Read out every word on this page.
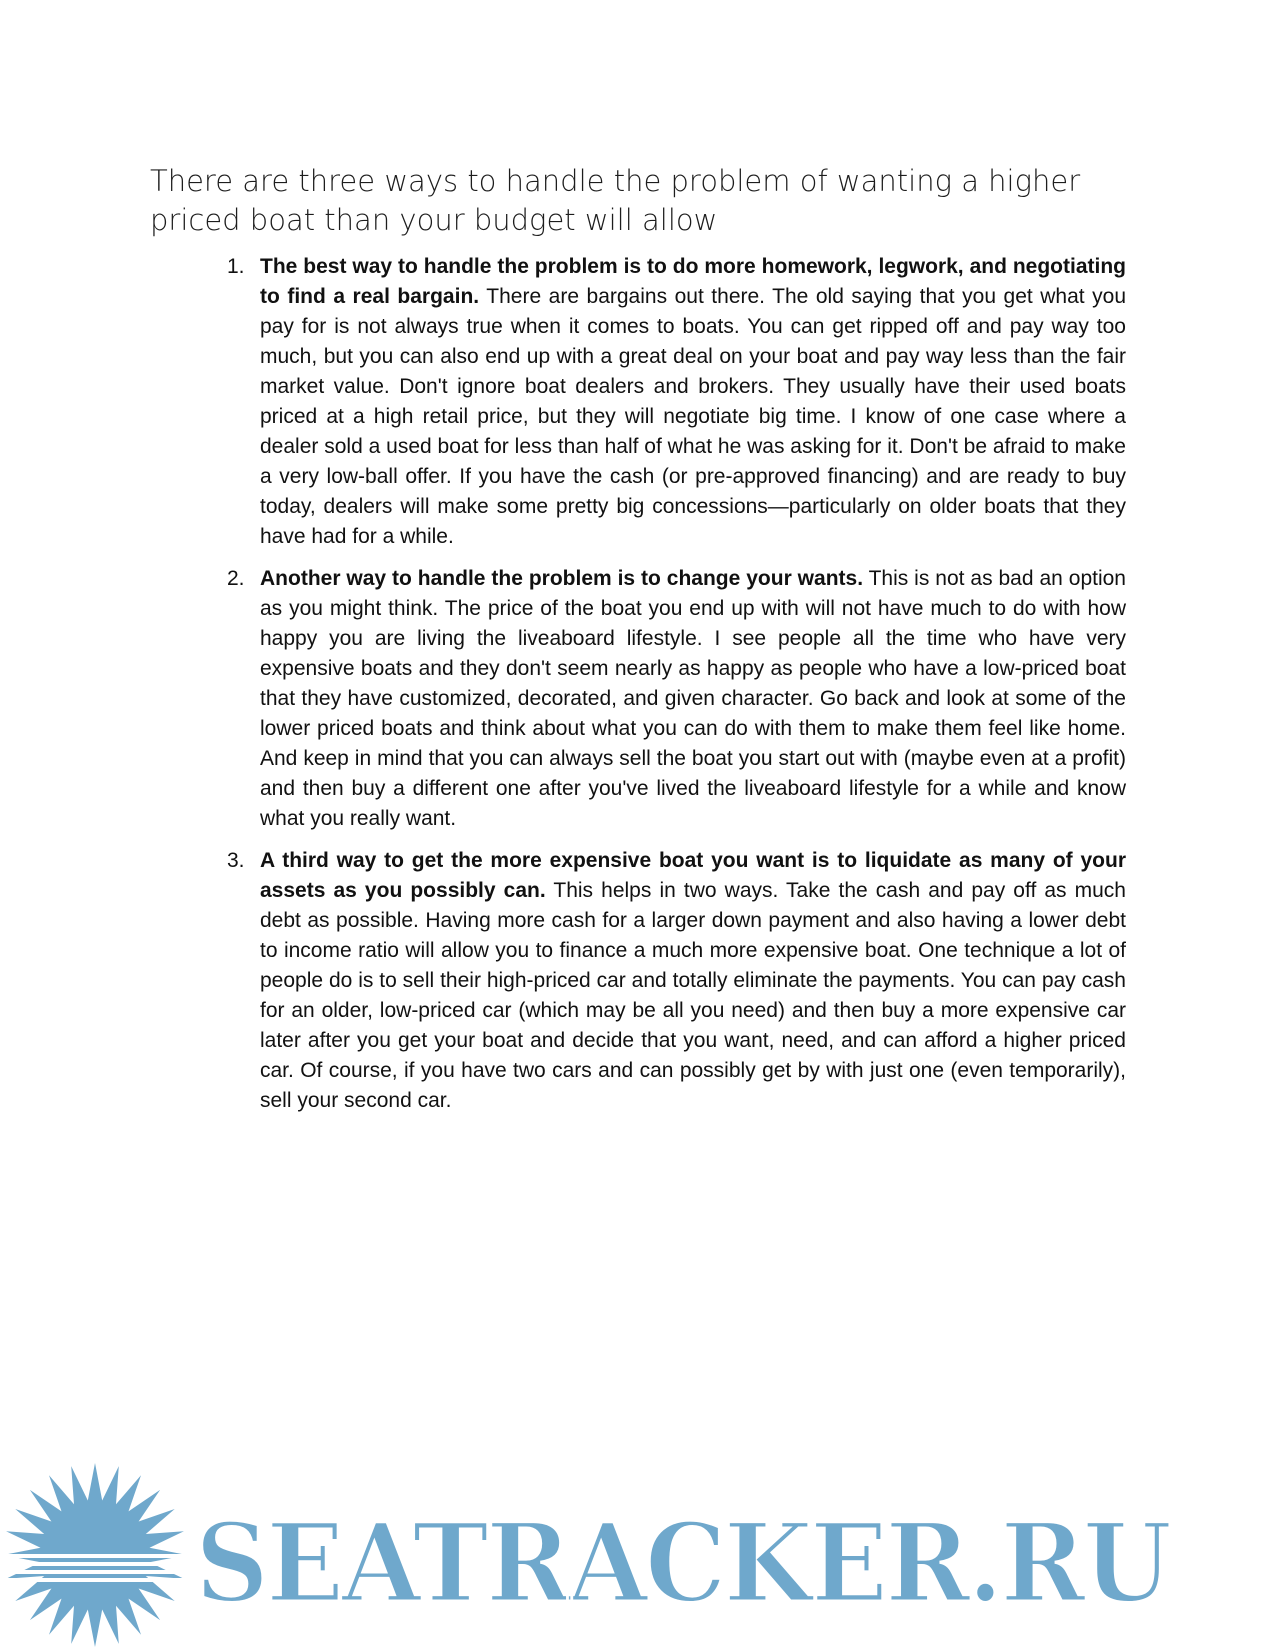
There are three ways to handle the problem of wanting a higher priced boat than your budget will allow
1. The best way to handle the problem is to do more homework, legwork, and negotiating to find a real bargain. There are bargains out there. The old saying that you get what you pay for is not always true when it comes to boats. You can get ripped off and pay way too much, but you can also end up with a great deal on your boat and pay way less than the fair market value. Don't ignore boat dealers and brokers. They usually have their used boats priced at a high retail price, but they will negotiate big time. I know of one case where a dealer sold a used boat for less than half of what he was asking for it. Don't be afraid to make a very low-ball offer. If you have the cash (or pre-approved financing) and are ready to buy today, dealers will make some pretty big concessions—particularly on older boats that they have had for a while.
2. Another way to handle the problem is to change your wants. This is not as bad an option as you might think. The price of the boat you end up with will not have much to do with how happy you are living the liveaboard lifestyle. I see people all the time who have very expensive boats and they don't seem nearly as happy as people who have a low-priced boat that they have customized, decorated, and given character. Go back and look at some of the lower priced boats and think about what you can do with them to make them feel like home. And keep in mind that you can always sell the boat you start out with (maybe even at a profit) and then buy a different one after you've lived the liveaboard lifestyle for a while and know what you really want.
3. A third way to get the more expensive boat you want is to liquidate as many of your assets as you possibly can. This helps in two ways. Take the cash and pay off as much debt as possible. Having more cash for a larger down payment and also having a lower debt to income ratio will allow you to finance a much more expensive boat. One technique a lot of people do is to sell their high-priced car and totally eliminate the payments. You can pay cash for an older, low-priced car (which may be all you need) and then buy a more expensive car later after you get your boat and decide that you want, need, and can afford a higher priced car. Of course, if you have two cars and can possibly get by with just one (even temporarily), sell your second car.
SEATRACKER.RU
